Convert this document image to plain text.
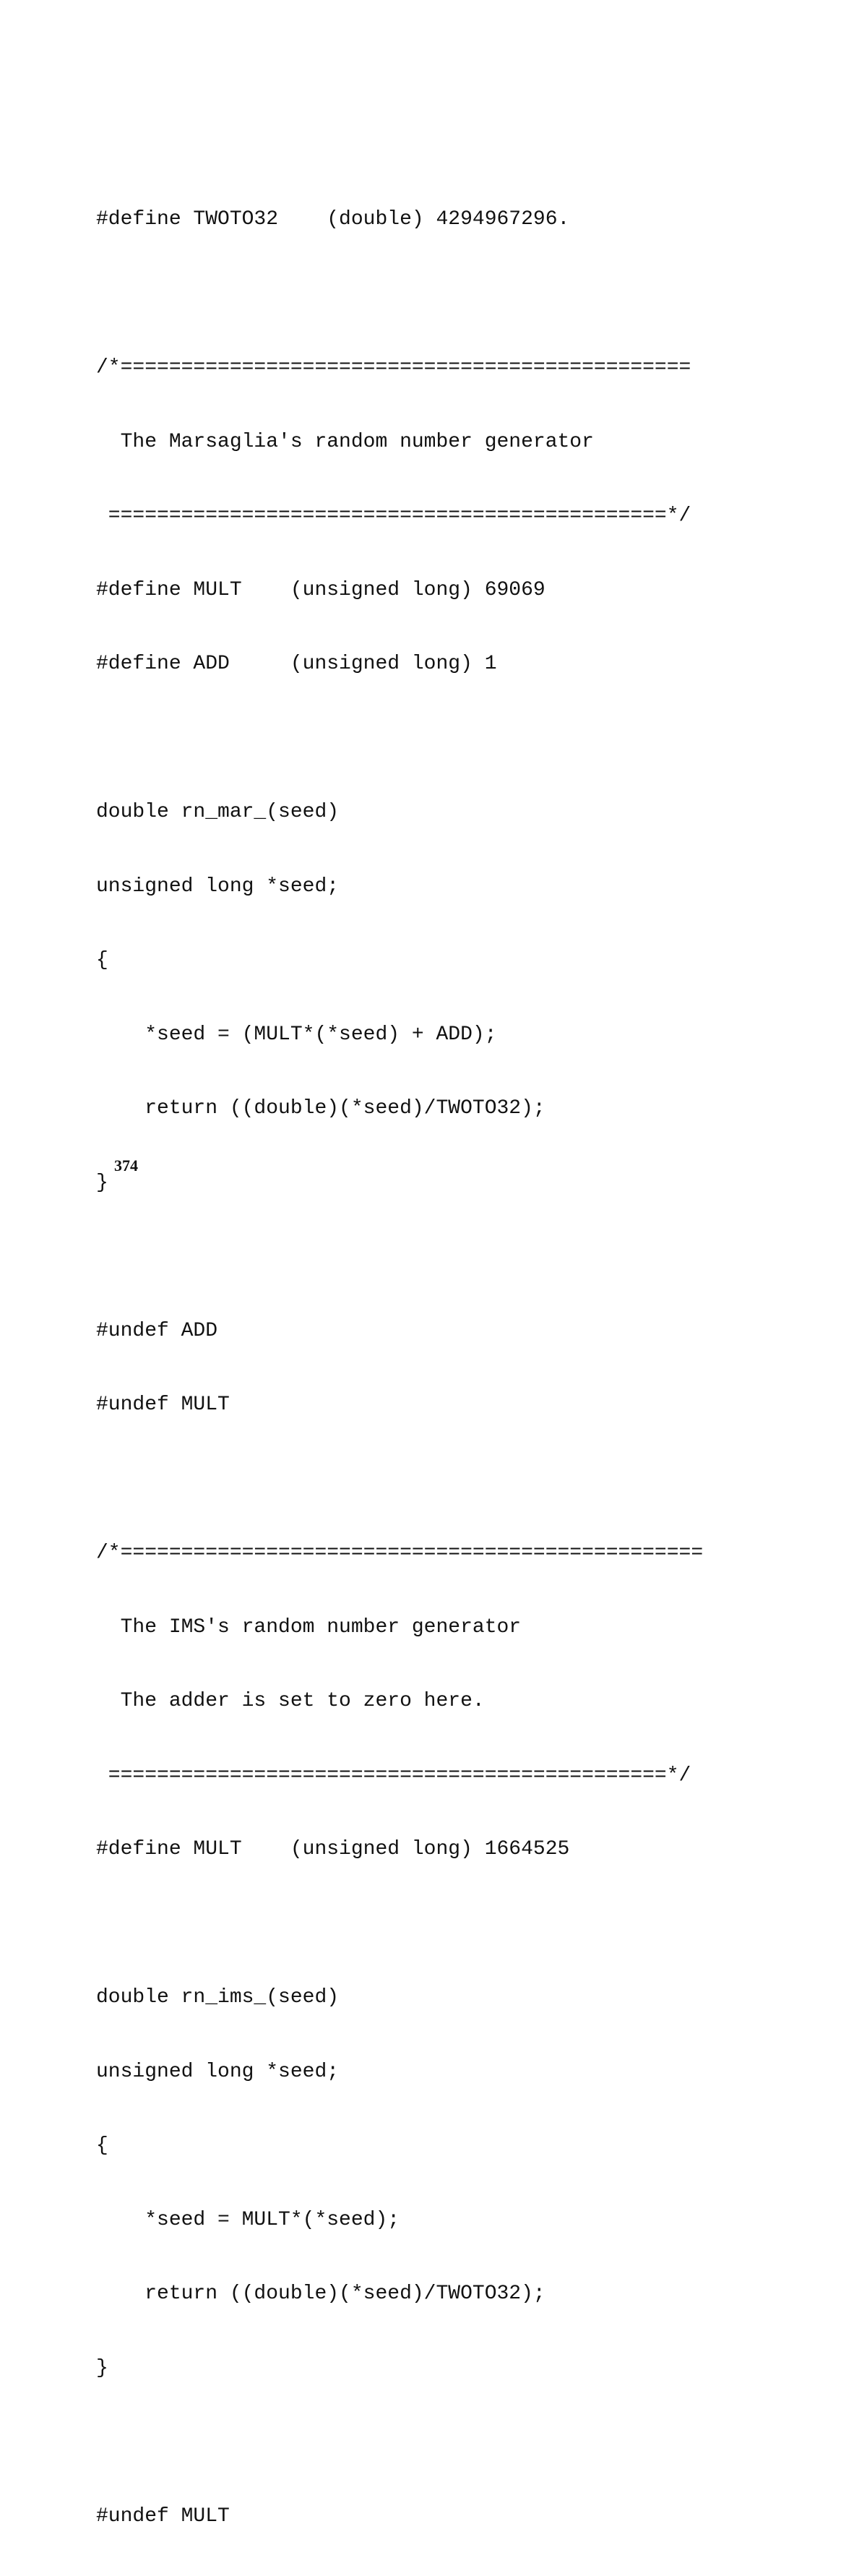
#define TWOTO32    (double) 4294967296.

/*===============================================

The Marsaglia's random number generator

==============================================*/

#define MULT    (unsigned long) 69069

#define ADD     (unsigned long) 1

double rn_mar_(seed)

unsigned long *seed;

{

*seed = (MULT*(*seed) + ADD);

return ((double)(*seed)/TWOTO32);

}

#undef ADD

#undef MULT

/*================================================

The IMS's random number generator

The adder is set to zero here.

==============================================*/

#define MULT    (unsigned long) 1664525

double rn_ims_(seed)

unsigned long *seed;

{

*seed = MULT*(*seed);

return ((double)(*seed)/TWOTO32);

}

#undef MULT

374
